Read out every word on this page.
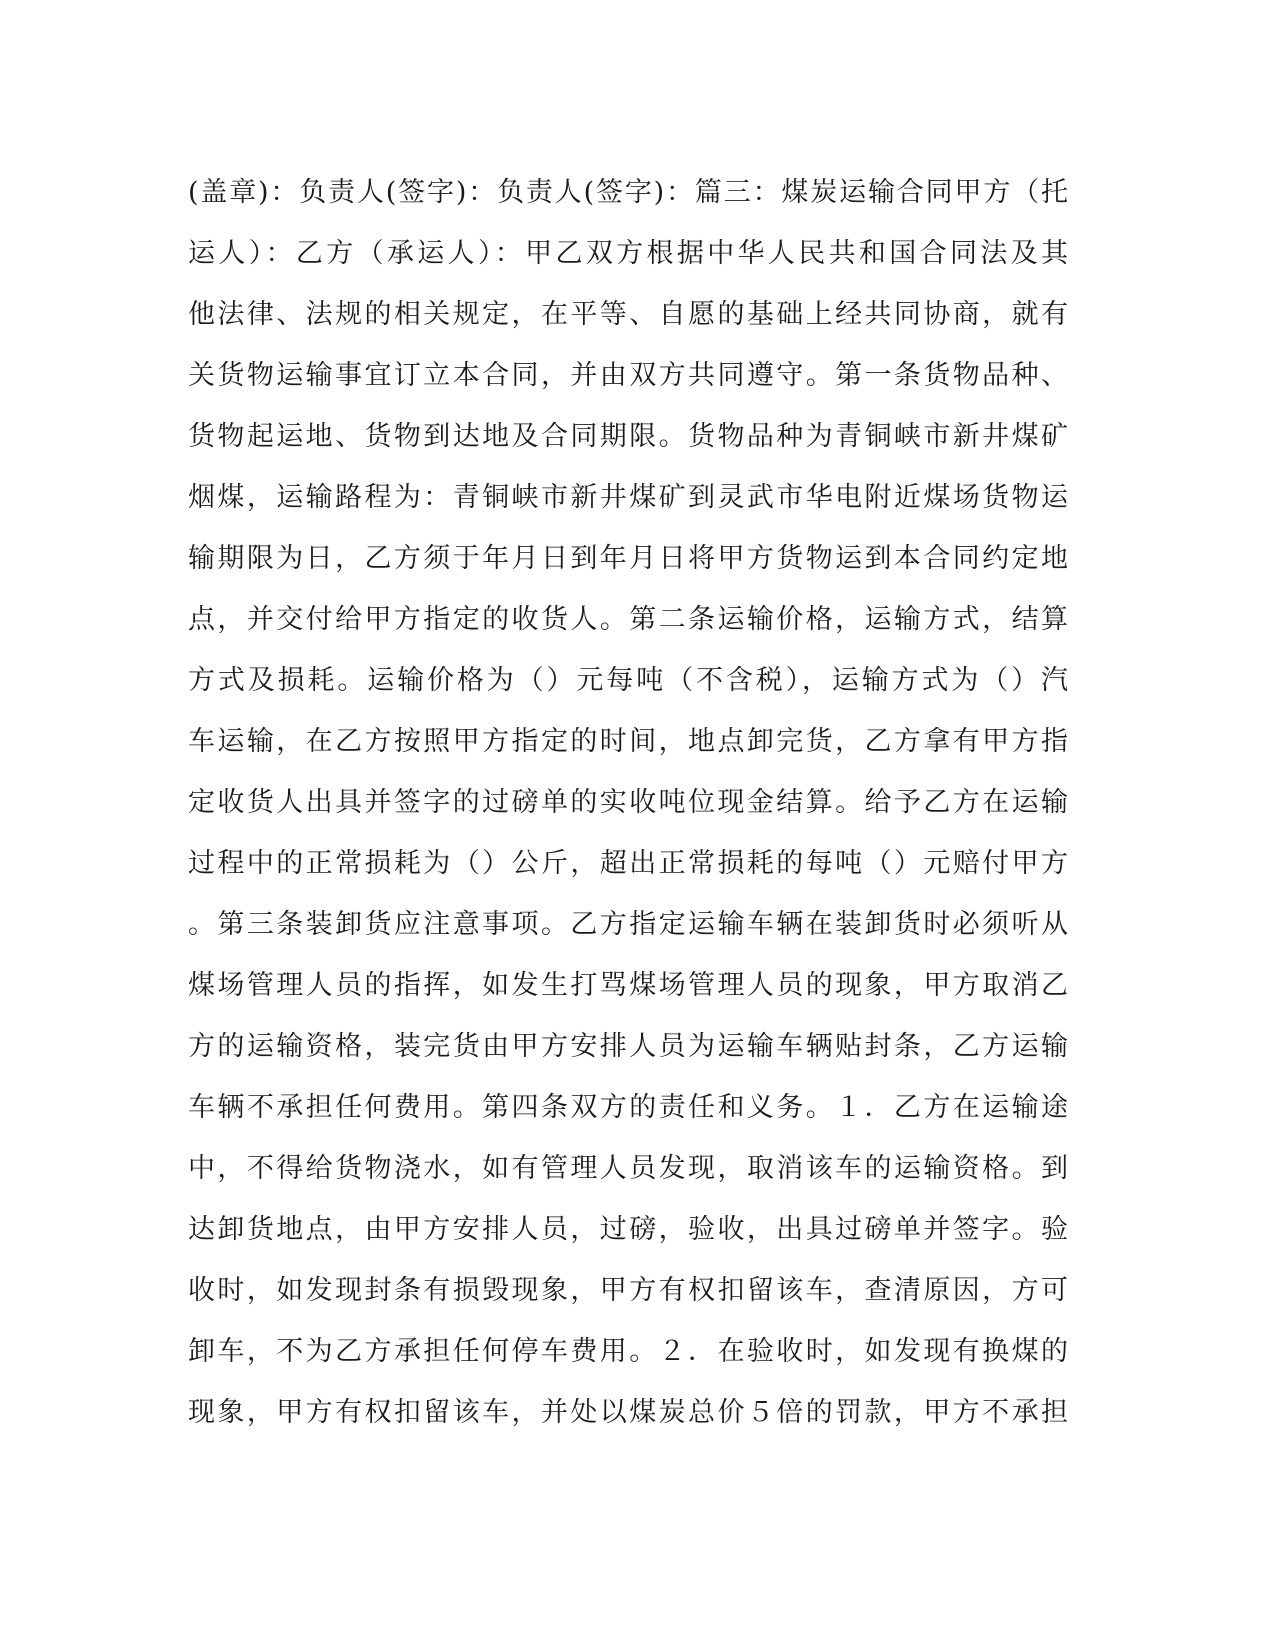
(盖章)：负责人(签字)：负责人(签字)：篇三：煤炭运输合同甲方（托
运人）：乙方（承运人）：甲乙双方根据中华人民共和国合同法及其
他法律、法规的相关规定，在平等、自愿的基础上经共同协商，就有
关货物运输事宜订立本合同，并由双方共同遵守。第一条货物品种、
货物起运地、货物到达地及合同期限。货物品种为青铜峡市新井煤矿
烟煤，运输路程为：青铜峡市新井煤矿到灵武市华电附近煤场货物运
输期限为日，乙方须于年月日到年月日将甲方货物运到本合同约定地
点，并交付给甲方指定的收货人。第二条运输价格，运输方式，结算
方式及损耗。运输价格为（）元每吨（不含税），运输方式为（）汽
车运输，在乙方按照甲方指定的时间，地点卸完货，乙方拿有甲方指
定收货人出具并签字的过磅单的实收吨位现金结算。给予乙方在运输
过程中的正常损耗为（）公斤，超出正常损耗的每吨（）元赔付甲方
。第三条装卸货应注意事项。乙方指定运输车辆在装卸货时必须听从
煤场管理人员的指挥，如发生打骂煤场管理人员的现象，甲方取消乙
方的运输资格，装完货由甲方安排人员为运输车辆贴封条，乙方运输
车辆不承担任何费用。第四条双方的责任和义务。１．乙方在运输途
中，不得给货物浇水，如有管理人员发现，取消该车的运输资格。到
达卸货地点，由甲方安排人员，过磅，验收，出具过磅单并签字。验
收时，如发现封条有损毁现象，甲方有权扣留该车，查清原因，方可
卸车，不为乙方承担任何停车费用。２．在验收时，如发现有换煤的
现象，甲方有权扣留该车，并处以煤炭总价５倍的罚款，甲方不承担
